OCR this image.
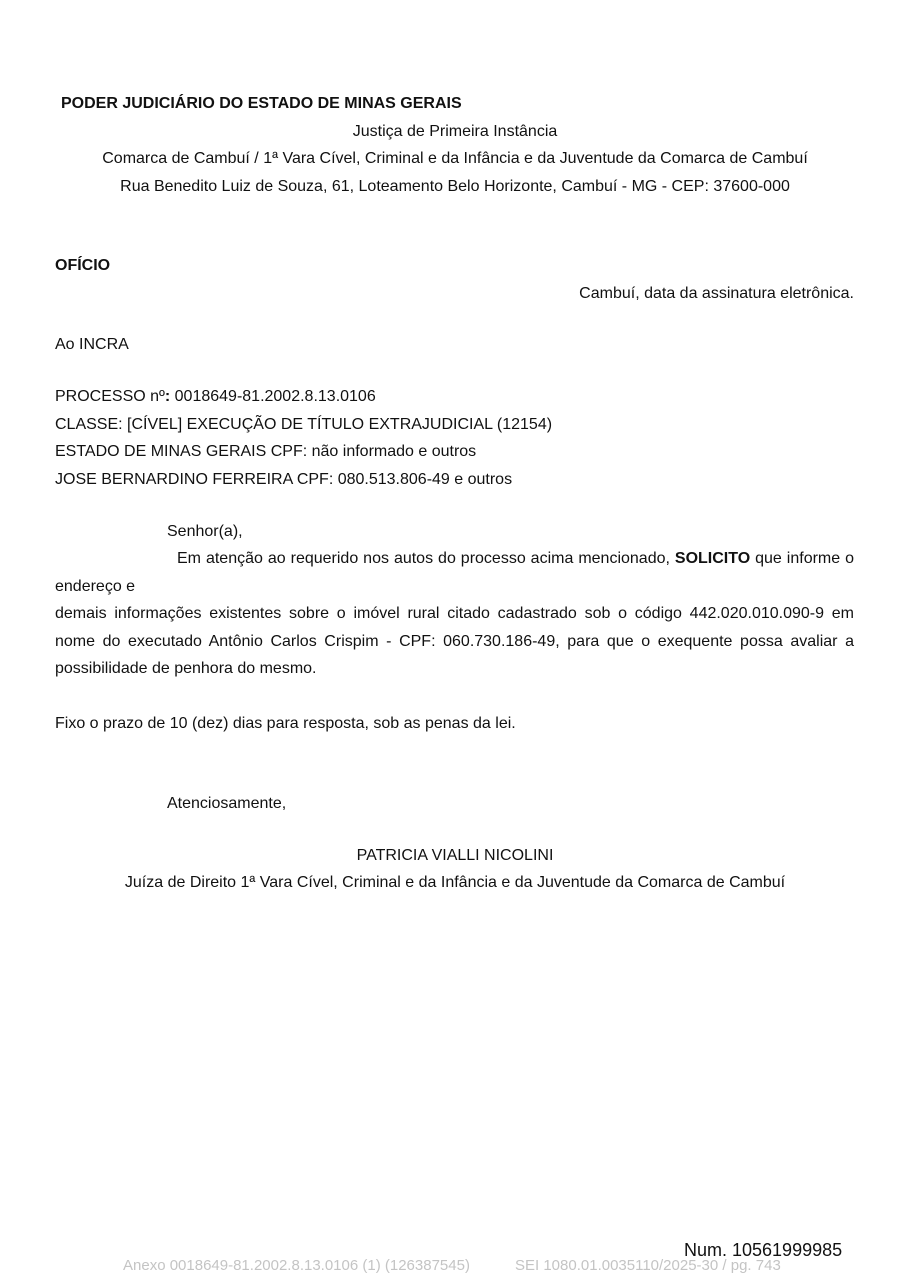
PODER JUDICIÁRIO DO ESTADO DE MINAS GERAIS
Justiça de Primeira Instância
Comarca de Cambuí / 1ª Vara Cível, Criminal e da Infância e da Juventude da Comarca de Cambuí
Rua Benedito Luiz de Souza, 61, Loteamento Belo Horizonte, Cambuí - MG - CEP: 37600-000
OFÍCIO
Cambuí, data da assinatura eletrônica.
Ao INCRA
PROCESSO nº: 0018649-81.2002.8.13.0106
CLASSE: [CÍVEL] EXECUÇÃO DE TÍTULO EXTRAJUDICIAL (12154)
ESTADO DE MINAS GERAIS CPF: não informado e outros
JOSE BERNARDINO FERREIRA CPF: 080.513.806-49 e outros
Senhor(a),
Em atenção ao requerido nos autos do processo acima mencionado, SOLICITO que informe o endereço e
demais informações existentes sobre o imóvel rural citado cadastrado sob o código 442.020.010.090-9 em nome do executado Antônio Carlos Crispim - CPF: 060.730.186-49, para que o exequente possa avaliar a possibilidade de penhora do mesmo.
Fixo o prazo de 10 (dez) dias para resposta, sob as penas da lei.
Atenciosamente,
PATRICIA VIALLI NICOLINI
Juíza de Direito 1ª Vara Cível, Criminal e da Infância e da Juventude da Comarca de Cambuí
Num. 10561999985
Anexo 0018649-81.2002.8.13.0106 (1) (126387545)	SEI 1080.01.0035110/2025-30 / pg. 743
